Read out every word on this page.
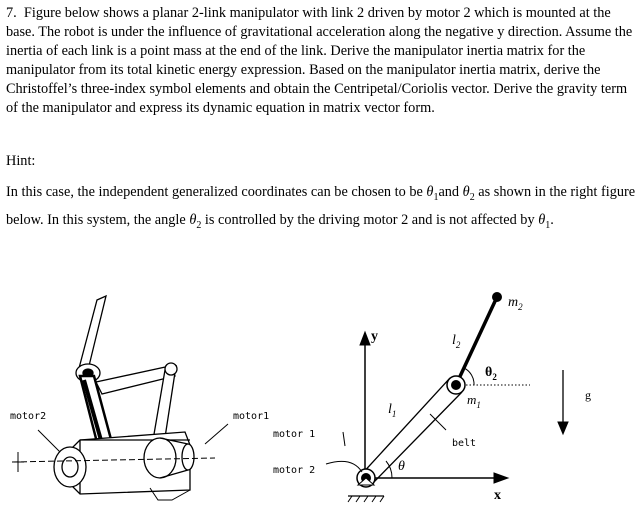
7. Figure below shows a planar 2-link manipulator with link 2 driven by motor 2 which is mounted at the base. The robot is under the influence of gravitational acceleration along the negative y direction. Assume the inertia of each link is a point mass at the end of the link. Derive the manipulator inertia matrix for the manipulator from its total kinetic energy expression. Based on the manipulator inertia matrix, derive the Christoffel’s three-index symbol elements and obtain the Centripetal/Coriolis vector. Derive the gravity term of the manipulator and express its dynamic equation in matrix vector form.
Hint:
In this case, the independent generalized coordinates can be chosen to be $\theta_1and$ $\theta_2$ as shown in the right figure below. In this system, the angle $\theta_2$ is controlled by the driving motor 2 and is not affected by $\theta_1$.
motor2	motor1
y
x
$m_2$
$m_1$
$l_2$
$l_1$
$\theta_2$
θ
g
belt
motor 1
motor 2
